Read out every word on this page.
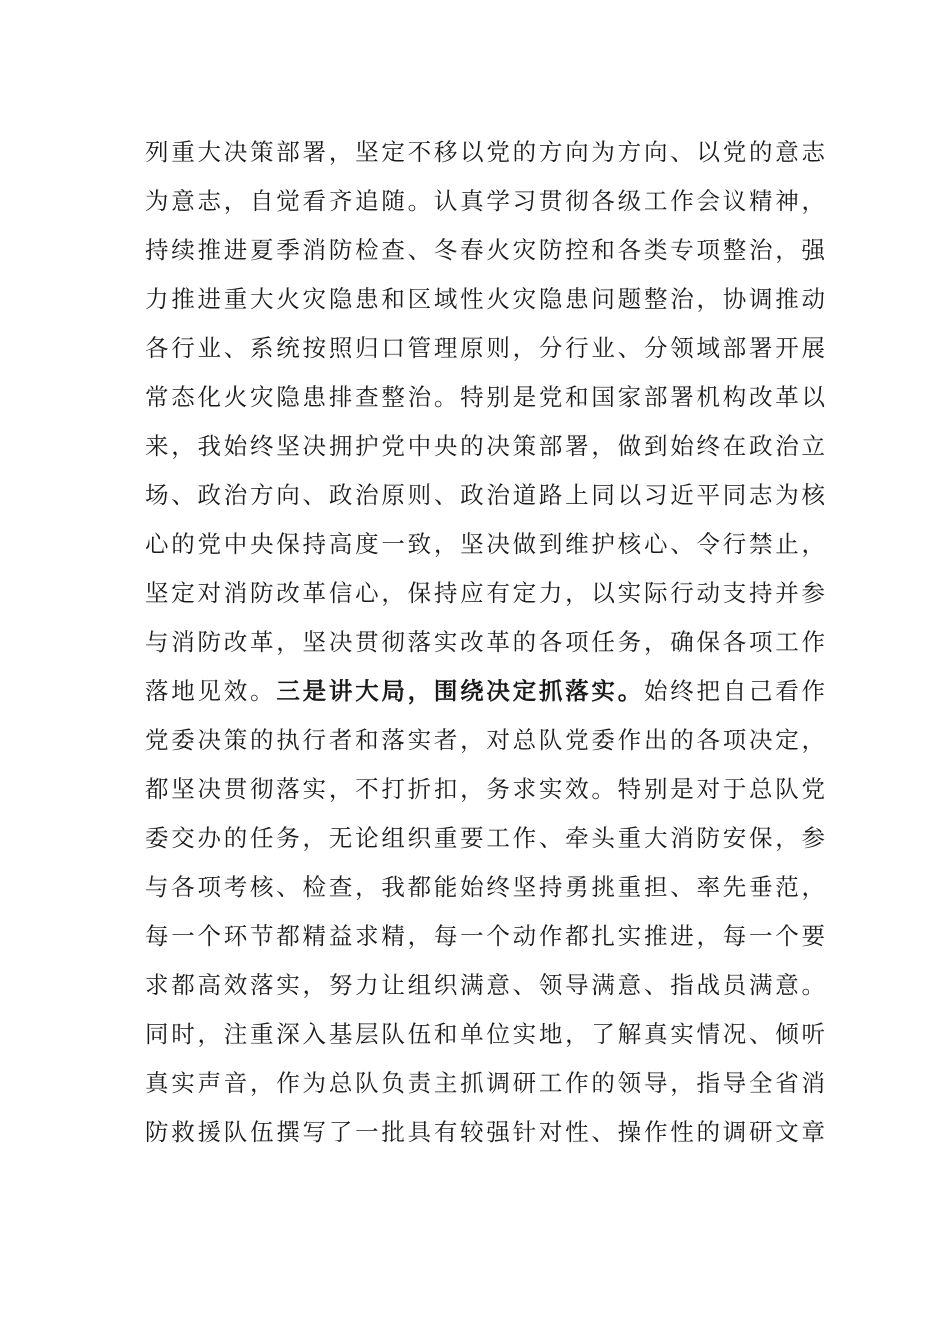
列重大决策部署，坚定不移以党的方向为方向、以党的意志
为意志，自觉看齐追随。认真学习贯彻各级工作会议精神，
持续推进夏季消防检查、冬春火灾防控和各类专项整治，强
力推进重大火灾隐患和区域性火灾隐患问题整治，协调推动
各行业、系统按照归口管理原则，分行业、分领域部署开展
常态化火灾隐患排查整治。特别是党和国家部署机构改革以
来，我始终坚决拥护党中央的决策部署，做到始终在政治立
场、政治方向、政治原则、政治道路上同以习近平同志为核
心的党中央保持高度一致，坚决做到维护核心、令行禁止，
坚定对消防改革信心，保持应有定力，以实际行动支持并参
与消防改革，坚决贯彻落实改革的各项任务，确保各项工作
落地见效。三是讲大局，围绕决定抓落实。始终把自己看作
党委决策的执行者和落实者，对总队党委作出的各项决定，
都坚决贯彻落实，不打折扣，务求实效。特别是对于总队党
委交办的任务，无论组织重要工作、牵头重大消防安保，参
与各项考核、检查，我都能始终坚持勇挑重担、率先垂范，
每一个环节都精益求精，每一个动作都扎实推进，每一个要
求都高效落实，努力让组织满意、领导满意、指战员满意。
同时，注重深入基层队伍和单位实地，了解真实情况、倾听
真实声音，作为总队负责主抓调研工作的领导，指导全省消
防救援队伍撰写了一批具有较强针对性、操作性的调研文章
